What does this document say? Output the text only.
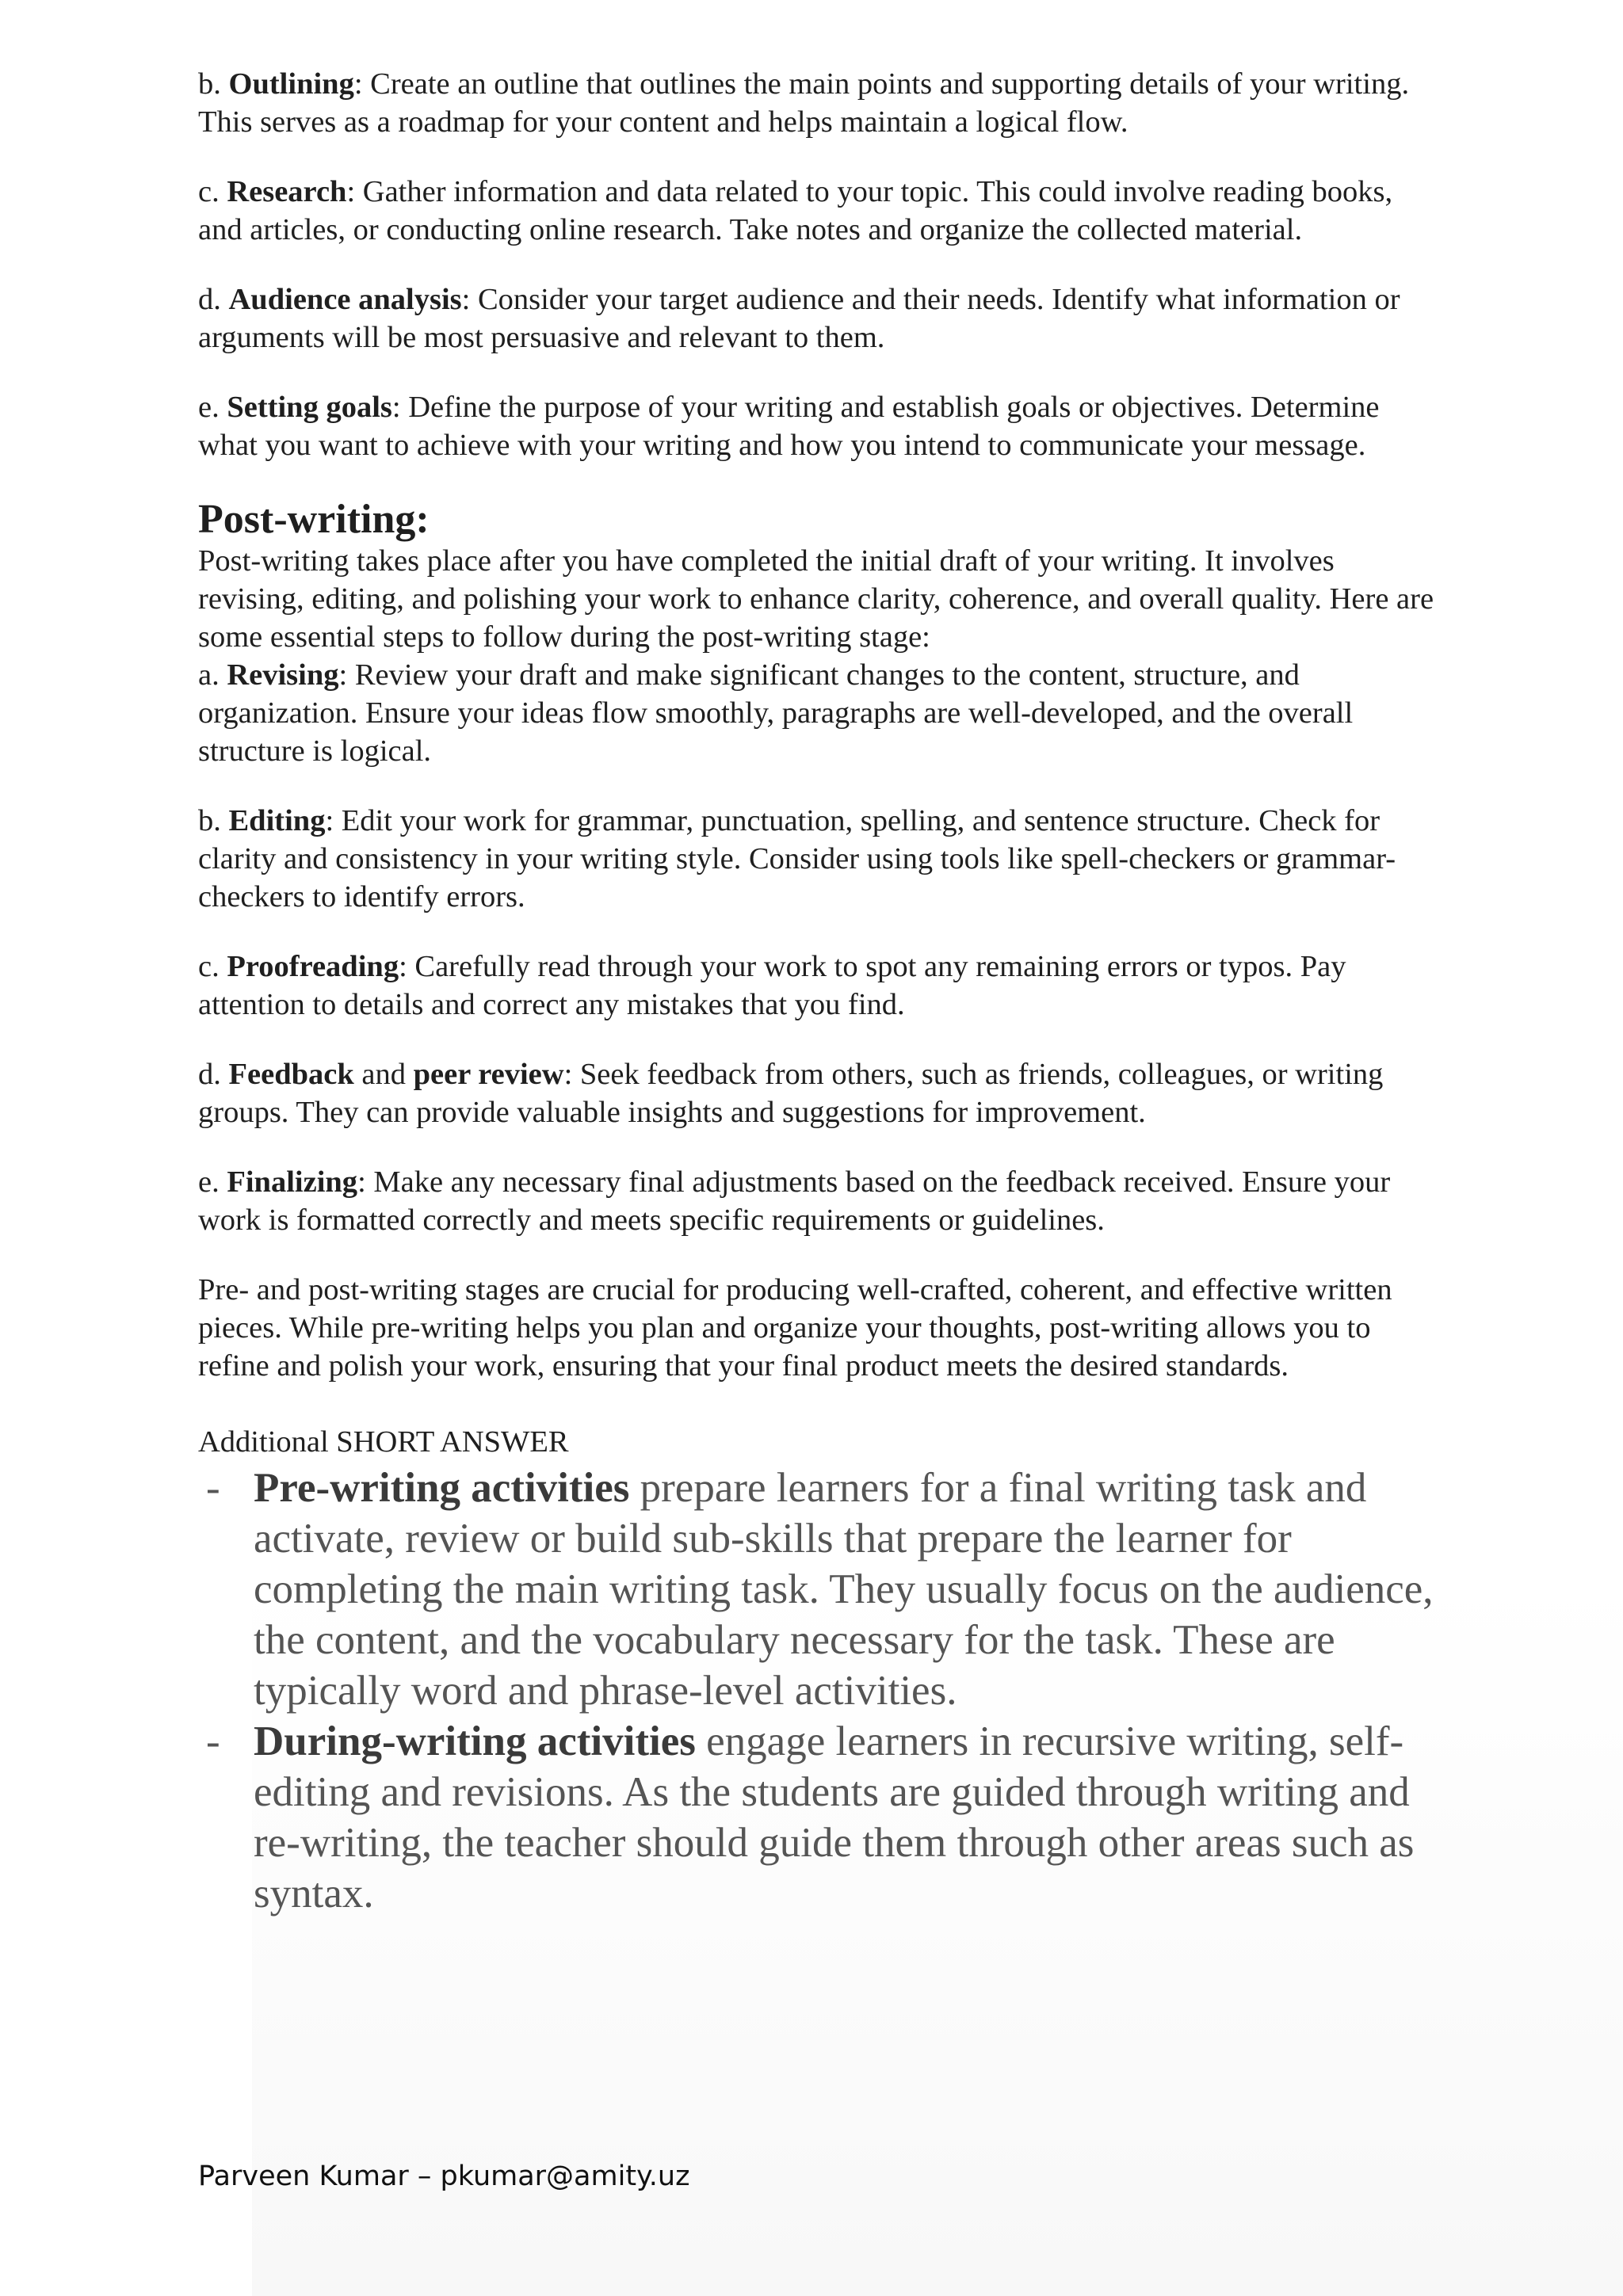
b. Outlining: Create an outline that outlines the main points and supporting details of your writing. This serves as a roadmap for your content and helps maintain a logical flow.

c. Research: Gather information and data related to your topic. This could involve reading books, and articles, or conducting online research. Take notes and organize the collected material.

d. Audience analysis: Consider your target audience and their needs. Identify what information or arguments will be most persuasive and relevant to them.

e. Setting goals: Define the purpose of your writing and establish goals or objectives. Determine what you want to achieve with your writing and how you intend to communicate your message.

Post-writing:

Post-writing takes place after you have completed the initial draft of your writing. It involves revising, editing, and polishing your work to enhance clarity, coherence, and overall quality. Here are some essential steps to follow during the post-writing stage:

a. Revising: Review your draft and make significant changes to the content, structure, and organization. Ensure your ideas flow smoothly, paragraphs are well-developed, and the overall structure is logical.

b. Editing: Edit your work for grammar, punctuation, spelling, and sentence structure. Check for clarity and consistency in your writing style. Consider using tools like spell-checkers or grammar-checkers to identify errors.

c. Proofreading: Carefully read through your work to spot any remaining errors or typos. Pay attention to details and correct any mistakes that you find.

d. Feedback and peer review: Seek feedback from others, such as friends, colleagues, or writing groups. They can provide valuable insights and suggestions for improvement.

e. Finalizing: Make any necessary final adjustments based on the feedback received. Ensure your work is formatted correctly and meets specific requirements or guidelines.

Pre- and post-writing stages are crucial for producing well-crafted, coherent, and effective written pieces. While pre-writing helps you plan and organize your thoughts, post-writing allows you to refine and polish your work, ensuring that your final product meets the desired standards.

Additional SHORT ANSWER

- Pre-writing activities prepare learners for a final writing task and activate, review or build sub-skills that prepare the learner for completing the main writing task. They usually focus on the audience, the content, and the vocabulary necessary for the task. These are typically word and phrase-level activities.
- During-writing activities engage learners in recursive writing, self-editing and revisions. As the students are guided through writing and re-writing, the teacher should guide them through other areas such as syntax.
Parveen Kumar – pkumar@amity.uz
